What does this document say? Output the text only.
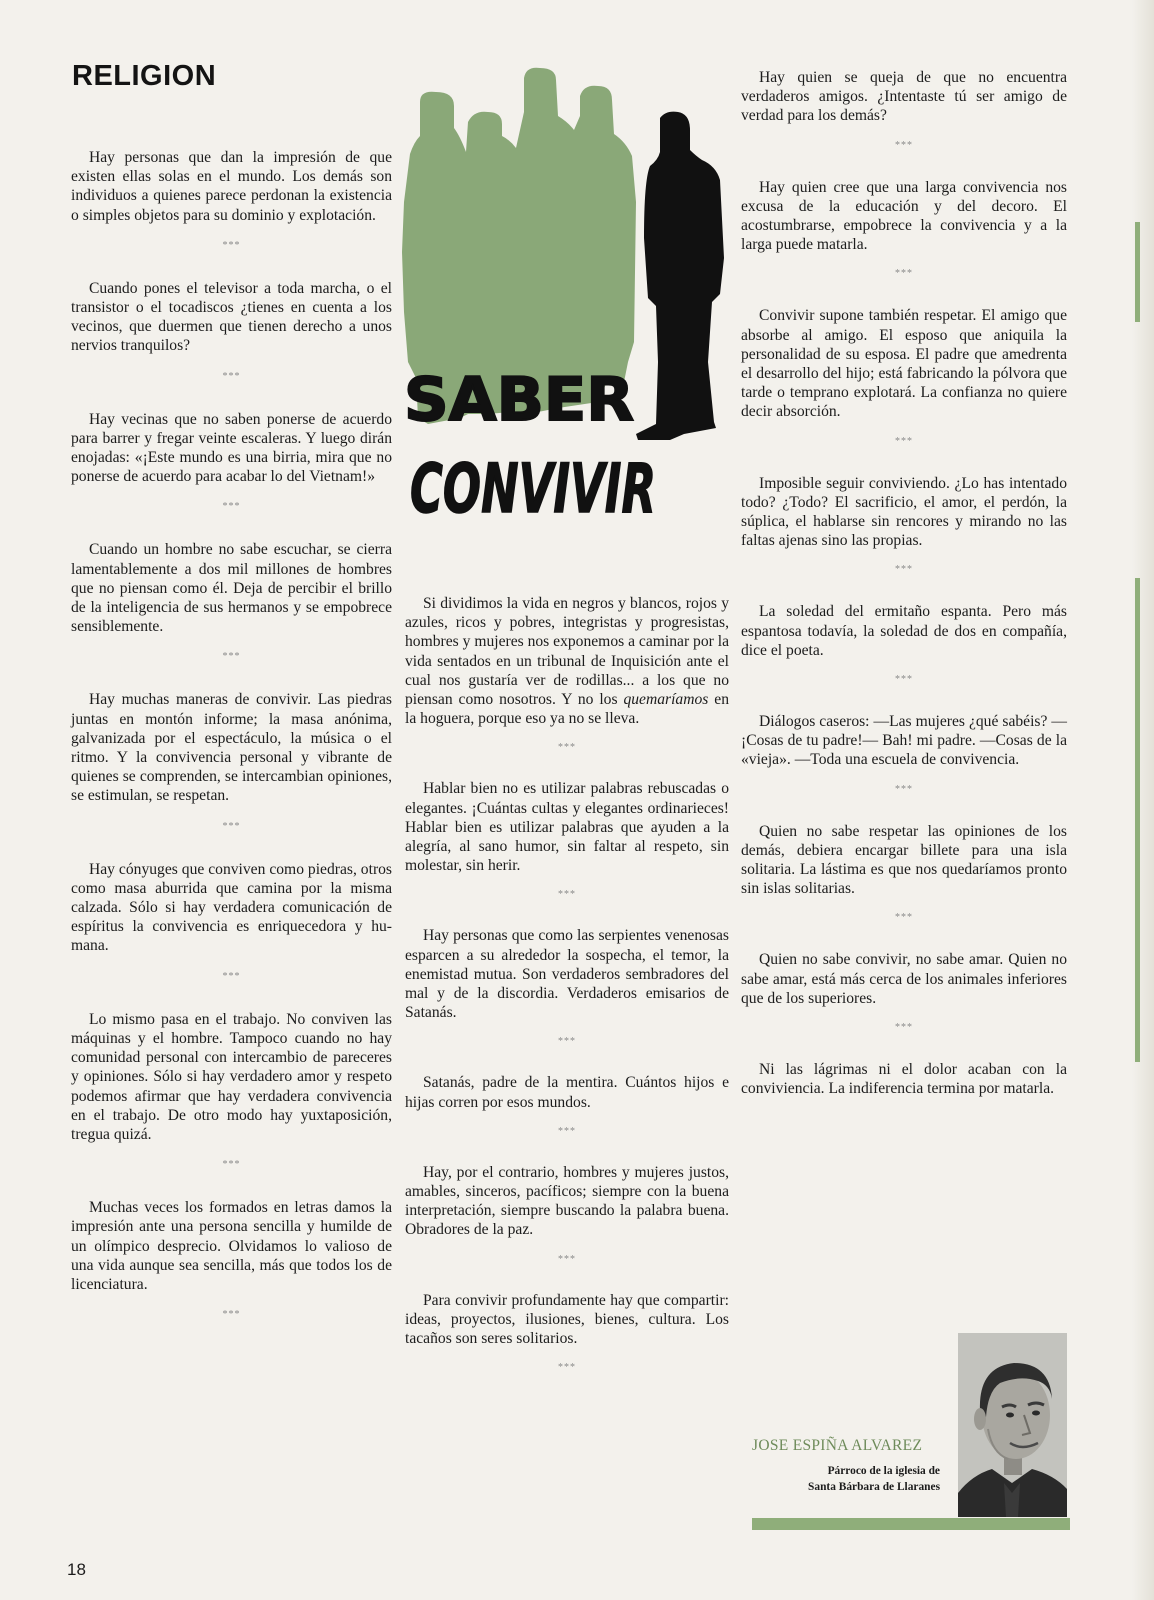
RELIGION

Hay personas que dan la impresión de que existen ellas solas en el mundo. Los demás son individuos a quienes parece perdonan la existencia o simples objetos para su dominio y explotación.

***

Cuando pones el televisor a toda marcha, o el transistor o el tocadiscos ¿tienes en cuenta a los vecinos, que duermen que tienen derecho a unos nervios tranquilos?

***

Hay vecinas que no saben ponerse de acuerdo para barrer y fregar veinte escaleras. Y luego dirán enojadas: «¡Este mundo es una birria, mira que no ponerse de acuerdo para acabar lo del Vietnam!»

***

Cuando un hombre no sabe escuchar, se cierra lamentablemente a dos mil millones de hombres que no piensan como él. Deja de percibir el brillo de la inteligencia de sus hermanos y se empobrece sensiblemente.

***

Hay muchas maneras de convivir. Las piedras juntas en montón informe; la masa anónima, galvanizada por el espectáculo, la música o el ritmo. Y la convivencia personal y vibrante de quienes se comprenden, se intercambian opiniones, se estimulan, se respetan.

***

Hay cónyuges que conviven como piedras, otros como masa aburrida que camina por la misma calzada. Sólo si hay verdadera comunicación de espíritus la convivencia es enriquecedora y humana.

***

Lo mismo pasa en el trabajo. No conviven las máquinas y el hombre. Tampoco cuando no hay comunidad personal con intercambio de pareceres y opiniones. Sólo si hay verdadero amor y respeto podemos afirmar que hay verdadera convivencia en el trabajo. De otro modo hay yuxtaposición, tregua quizá.

***

Muchas veces los formados en letras damos la impresión ante una persona sencilla y humilde de un olímpico desprecio. Olvidamos lo valioso de una vida aunque sea sencilla, más que todos los de licenciatura.

***
SABER
CONVIVIR

Si dividimos la vida en negros y blancos, rojos y azules, ricos y pobres, integristas y progresistas, hombres y mujeres nos exponemos a caminar por la vida sentados en un tribunal de Inquisición ante el cual nos gustaría ver de rodillas... a los que no piensan como nosotros. Y no los quemaríamos en la hoguera, porque eso ya no se lleva.

***

Hablar bien no es utilizar palabras rebuscadas o elegantes. ¡Cuántas cultas y elegantes ordinarieces! Hablar bien es utilizar palabras que ayuden a la alegría, al sano humor, sin faltar al respeto, sin molestar, sin herir.

***

Hay personas que como las serpientes venenosas esparcen a su alrededor la sospecha, el temor, la enemistad mutua. Son verdaderos sembradores del mal y de la discordia. Verdaderos emisarios de Satanás.

***

Satanás, padre de la mentira. Cuántos hijos e hijas corren por esos mundos.

***

Hay, por el contrario, hombres y mujeres justos, amables, sinceros, pacíficos; siempre con la buena interpretación, siempre buscando la palabra buena. Obradores de la paz.

***

Para convivir profundamente hay que compartir: ideas, proyectos, ilusiones, bienes, cultura. Los tacaños son seres solitarios.

***

Hay quien se queja de que no encuentra verdaderos amigos. ¿Intentaste tú ser amigo de verdad para los demás?

***

Hay quien cree que una larga convivencia nos excusa de la educación y del decoro. El acostumbrarse, empobrece la convivencia y a la larga puede matarla.

***

Convivir supone también respetar. El amigo que absorbe al amigo. El esposo que aniquila la personalidad de su esposa. El padre que amedrenta el desarrollo del hijo; está fabricando la pólvora que tarde o temprano explotará. La confianza no quiere decir absorción.

***

Imposible seguir conviviendo. ¿Lo has intentado todo? ¿Todo? El sacrificio, el amor, el perdón, la súplica, el hablarse sin rencores y mirando no las faltas ajenas sino las propias.

***

La soledad del ermitaño espanta. Pero más espantosa todavía, la soledad de dos en compañía, dice el poeta.

***

Diálogos caseros: —Las mujeres ¿qué sabéis? —¡Cosas de tu padre!— Bah! mi padre. —Cosas de la «vieja». —Toda una escuela de convivencia.

***

Quien no sabe respetar las opiniones de los demás, debiera encargar billete para una isla solitaria. La lástima es que nos quedaríamos pronto sin islas solitarias.

***

Quien no sabe convivir, no sabe amar. Quien no sabe amar, está más cerca de los animales inferiores que de los superiores.

***

Ni las lágrimas ni el dolor acaban con la conviviencia. La indiferencia termina por matarla.

JOSE ESPIÑA ALVAREZ

Párroco de la iglesia de
Santa Bárbara de Llaranes

18
